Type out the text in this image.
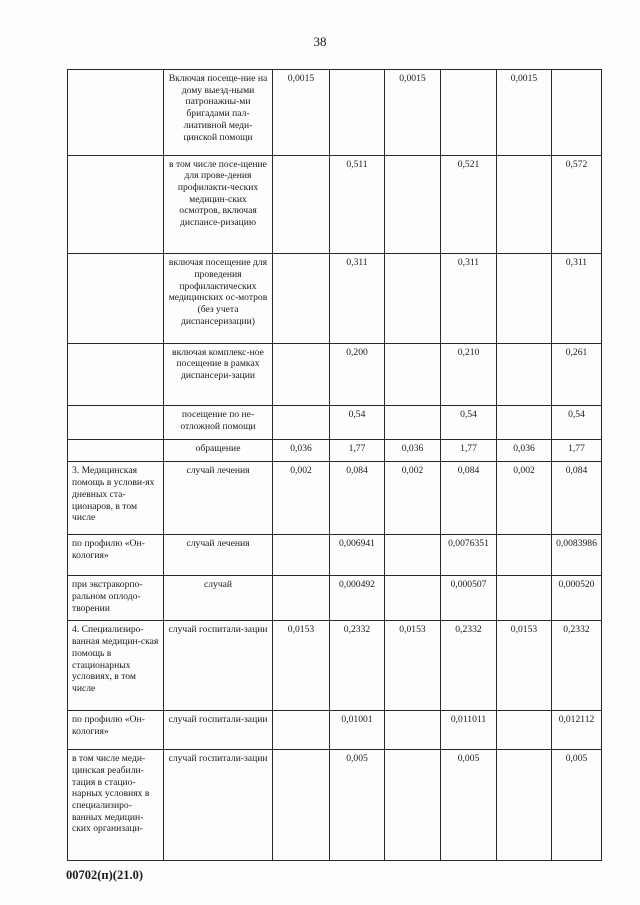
38
	Включая посеще-ние на дому выезд-ными патронажны-ми бригадами пал-лиативной меди-цинской помощи	0,0015		0,0015		0,0015	
	в том числе посе-щение для прове-дения профилакти-ческих медицин-ских осмотров, включая диспансе-ризацию		0,511		0,521		0,572
	включая посещение для проведения профилактических медицинских ос-мотров (без учета диспансеризации)		0,311		0,311		0,311
	включая комплекс-ное посещение в рамках диспансери-зации		0,200		0,210		0,261
	посещение по не-отложной помощи		0,54		0,54		0,54
	обращение	0,036	1,77	0,036	1,77	0,036	1,77
3. Медицинская помощь в услови-ях дневных ста-ционаров, в том числе	случай лечения	0,002	0,084	0,002	0,084	0,002	0,084
по профилю «Он-кология»	случай лечения		0,006941		0,0076351		0,0083986
при экстракорпо-ральном оплодо-творении	случай		0,000492		0,000507		0,000520
4. Специализиро-ванная медицин-ская помощь в стационарных условиях, в том числе	случай госпитали-зации	0,0153	0,2332	0,0153	0,2332	0,0153	0,2332
по профилю «Он-кология»	случай госпитали-зации		0,01001		0,011011		0,012112
в том числе меди-цинская реабили-тация в стацио-нарных условиях в специализиро-ванных медицин-ских организаци-	случай госпитали-зации		0,005		0,005		0,005
00702(п)(21.0)
